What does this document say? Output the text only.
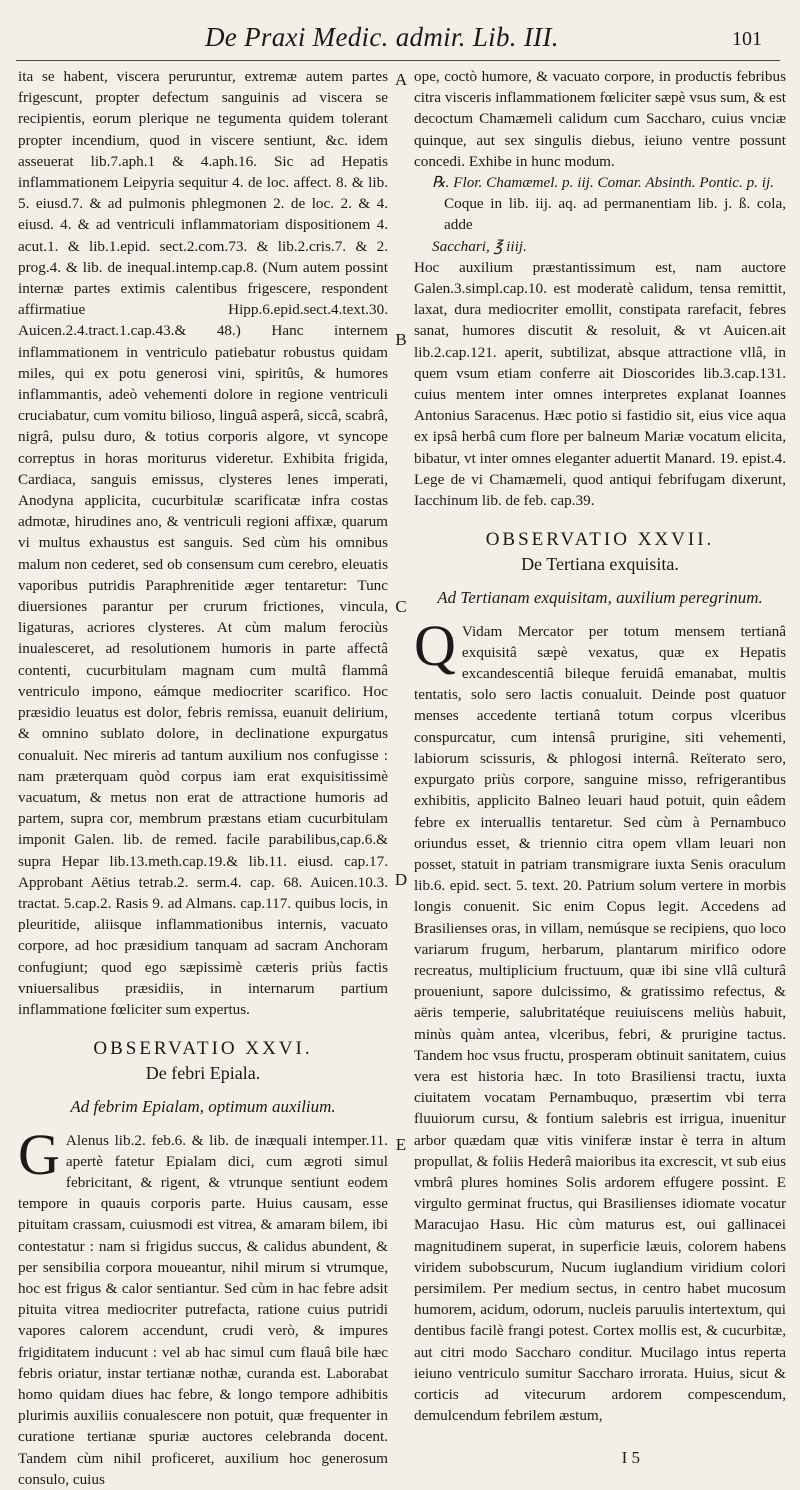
De Praxi Medic. admir. Lib. III.	101
A
B
C
D
E

ita se habent, viscera peruruntur, extremæ autem partes frigescunt, propter defectum sanguinis ad viscera se recipientis, eorum plerique ne tegumenta quidem tolerant propter incendium, quod in viscere sentiunt, &c. idem asseuerat lib.7.aph.1 & 4.aph.16. Sic ad Hepatis inflammationem Leipyria sequitur 4. de loc. affect. 8. & lib. 5. eiusd.7. & ad pulmonis phlegmonen 2. de loc. 2. & 4. eiusd. 4. & ad ventriculi inflammatoriam dispositionem 4. acut.1. & lib.1.epid. sect.2.com.73. & lib.2.cris.7. & 2. prog.4. & lib. de inequal.intemp.cap.8. (Num autem possint internæ partes extimis calentibus frigescere, respondent affirmatiue Hipp.6.epid.sect.4.text.30. Auicen.2.4.tract.1.cap.43.& 48.) Hanc internem inflammationem in ventriculo patiebatur robustus quidam miles, qui ex potu generosi vini, spiritûs, & humores inflammantis, adeò vehementi dolore in regione ventriculi cruciabatur, cum vomitu bilioso, linguâ asperâ, siccâ, scabrâ, nigrâ, pulsu duro, & totius corporis algore, vt syncope correptus in horas moriturus videretur. Exhibita frigida, Cardiaca, sanguis emissus, clysteres lenes imperati, Anodyna applicita, cucurbitulæ scarificatæ infra costas admotæ, hirudines ano, & ventriculi regioni affixæ, quarum vi multus exhaustus est sanguis. Sed cùm his omnibus malum non cederet, sed ob consensum cum cerebro, eleuatis vaporibus putridis Paraphrenitide æger tentaretur: Tunc diuersiones parantur per crurum frictiones, vincula, ligaturas, acriores clysteres. At cùm malum ferociùs inualesceret, ad resolutionem humoris in parte affectâ contenti, cucurbitulam magnam cum multâ flammâ ventriculo impono, eámque mediocriter scarifico. Hoc præsidio leuatus est dolor, febris remissa, euanuit delirium, & omnino sublato dolore, in declinatione expurgatus conualuit. Nec mireris ad tantum auxilium nos confugisse : nam præterquam quòd corpus iam erat exquisitissimè vacuatum, & metus non erat de attractione humoris ad partem, supra cor, membrum præstans etiam cucurbitulam imponit Galen. lib. de remed. facile parabilibus,cap.6.& supra Hepar lib.13.meth.cap.19.& lib.11. eiusd. cap.17. Approbant Aëtius tetrab.2. serm.4. cap. 68. Auicen.10.3. tractat. 5.cap.2. Rasis 9. ad Almans. cap.117. quibus locis, in pleuritide, aliisque inflammationibus internis, vacuato corpore, ad hoc præsidium tanquam ad sacram Anchoram confugiunt; quod ego sæpissimè cæteris priùs factis vniuersalibus præsidiis, in internarum partium inflammatione fœliciter sum expertus.

OBSERVATIO XXVI.
De febri Epiala.
Ad febrim Epialam, optimum auxilium.

G Alenus lib.2. feb.6. & lib. de inæquali intemper.11. apertè fatetur Epialam dici, cum ægroti simul febricitant, & rigent, & vtrunque sentiunt eodem tempore in quauis corporis parte. Huius causam, esse pituitam crassam, cuiusmodi est vitrea, & amaram bilem, ibi contestatur : nam si frigidus succus, & calidus abundent, & per sensibilia corpora moueantur, nihil mirum si vtrumque, hoc est frigus & calor sentiantur. Sed cùm in hac febre adsit pituita vitrea mediocriter putrefacta, ratione cuius putridi vapores calorem accendunt, crudi verò, & impures frigiditatem inducunt : vel ab hac simul cum flauâ bile hæc febris oriatur, instar tertianæ nothæ, curanda est. Laborabat homo quidam diues hac febre, & longo tempore adhibitis plurimis auxiliis conualescere non potuit, quæ frequenter in curatione tertianæ spuriæ auctores celebranda docent. Tandem cùm nihil proficeret, auxilium hoc generosum consulo, cuius

ope, coctò humore, & vacuato corpore, in productis febribus citra visceris inflammationem fœliciter sæpè vsus sum, & est decoctum Chamæmeli calidum cum Saccharo, cuius vnciæ quinque, aut sex singulis diebus, ieiuno ventre possunt concedi. Exhibe in hunc modum.

℞. Flor. Chamæmel. p. iij. Comar. Absinth. Pontic. p. ij.

Coque in lib. iij. aq. ad permanentiam lib. j. ß. cola, adde

Sacchari, ℥ iiij.

Hoc auxilium præstantissimum est, nam auctore Galen.3.simpl.cap.10. est moderatè calidum, tensa remittit, laxat, dura mediocriter emollit, constipata rarefacit, febres sanat, humores discutit & resoluit, & vt Auicen.ait lib.2.cap.121. aperit, subtilizat, absque attractione vllâ, in quem vsum etiam conferre ait Dioscorides lib.3.cap.131. cuius mentem inter omnes interpretes explanat Ioannes Antonius Saracenus. Hæc potio si fastidio sit, eius vice aqua ex ipsâ herbâ cum flore per balneum Mariæ vocatum elicita, bibatur, vt inter omnes eleganter aduertit Manard. 19. epist.4. Lege de vi Chamæmeli, quod antiqui febrifugam dixerunt, Iacchinum lib. de feb. cap.39.

OBSERVATIO XXVII.
De Tertiana exquisita.
Ad Tertianam exquisitam, auxilium peregrinum.

Q Vidam Mercator per totum mensem tertianâ exquisitâ sæpè vexatus, quæ ex Hepatis excandescentiâ bileque feruidâ emanabat, multis tentatis, solo sero lactis conualuit. Deinde post quatuor menses accedente tertianâ totum corpus vlceribus conspurcatur, cum intensâ prurigine, siti vehementi, labiorum scissuris, & phlogosi internâ. Reïterato sero, expurgato priùs corpore, sanguine misso, refrigerantibus exhibitis, applicito Balneo leuari haud potuit, quin eâdem febre ex interuallis tentaretur. Sed cùm à Pernambuco oriundus esset, & triennio citra opem vllam leuari non posset, statuit in patriam transmigrare iuxta Senis oraculum lib.6. epid. sect. 5. text. 20. Patrium solum vertere in morbis longis conuenit. Sic enim Copus legit. Accedens ad Brasilienses oras, in villam, nemúsque se recipiens, quo loco variarum frugum, herbarum, plantarum mirifico odore recreatus, multiplicium fructuum, quæ ibi sine vllâ culturâ proueniunt, sapore dulcissimo, & gratissimo refectus, & aëris temperie, salubritatéque reuiuiscens meliùs habuit, minùs quàm antea, vlceribus, febri, & prurigine tactus. Tandem hoc vsus fructu, prosperam obtinuit sanitatem, cuius vera est historia hæc. In toto Brasiliensi tractu, iuxta ciuitatem vocatam Pernambuquo, præsertim vbi terra fluuiorum cursu, & fontium salebris est irrigua, inuenitur arbor quædam quæ vitis viniferæ instar è terra in altum propullat, & foliis Hederâ maioribus ita excrescit, vt sub eius vmbrâ plures homines Solis ardorem effugere possint. E virgulto germinat fructus, qui Brasilienses idiomate vocatur Maracujao Hasu. Hic cùm maturus est, oui gallinacei magnitudinem superat, in superficie læuis, colorem habens viridem subobscurum, Nucum iuglandium viridium colori persimilem. Per medium sectus, in centro habet mucosum humorem, acidum, odorum, nucleis paruulis intertextum, qui dentibus facilè frangi potest. Cortex mollis est, & cucurbitæ, aut citri modo Saccharo conditur. Mucilago intus reperta ieiuno ventriculo sumitur Saccharo irrorata. Huius, sicut & corticis ad vitecurum ardorem compescendum, demulcendum febrilem æstum,

I 5
